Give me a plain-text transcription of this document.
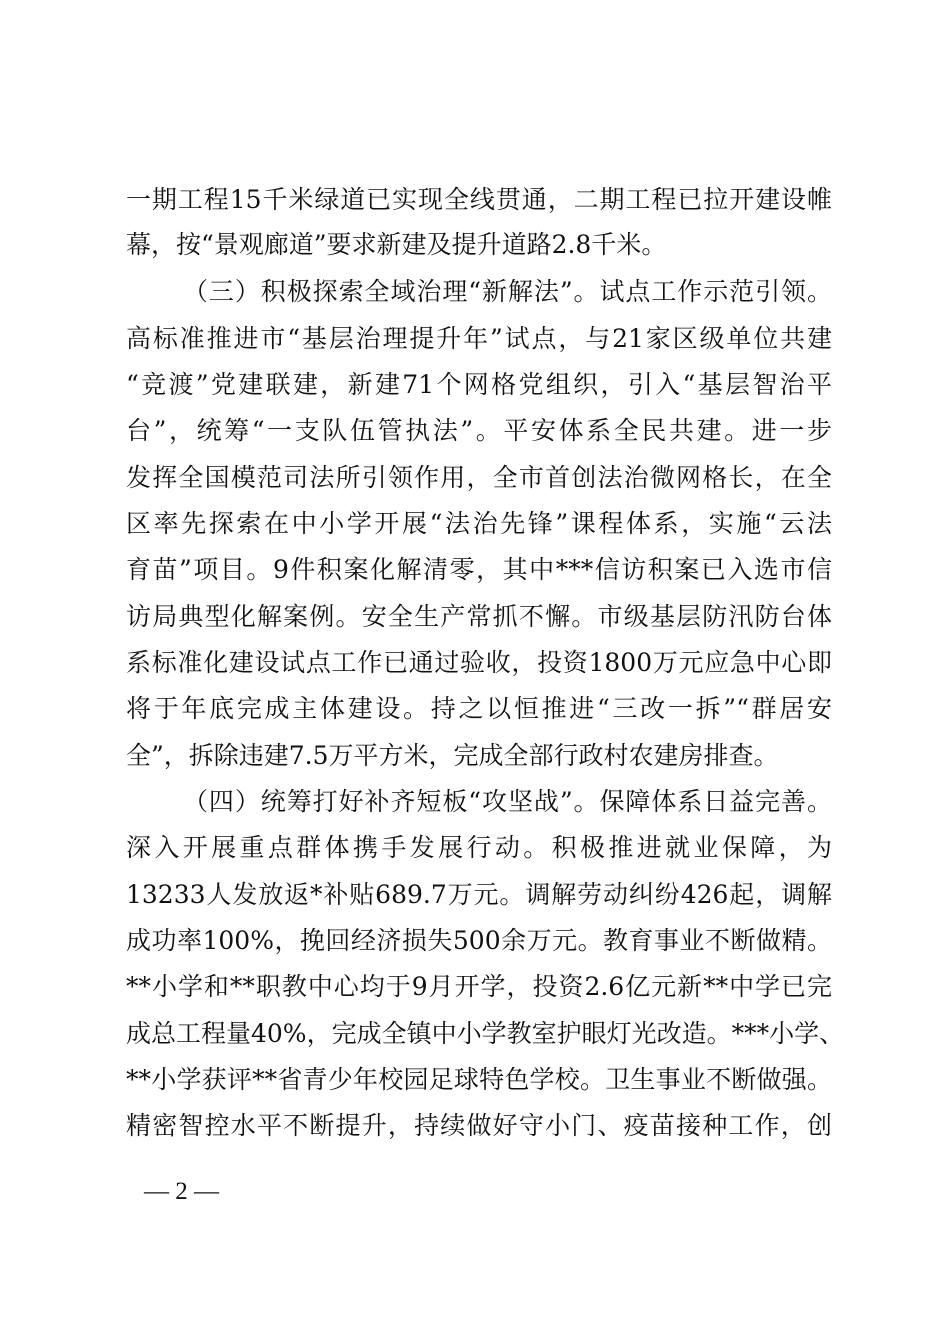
一期工程15千米绿道已实现全线贯通，二期工程已拉开建设帷
幕，按“景观廊道”要求新建及提升道路2.8千米。
（三）积极探索全域治理“新解法”。试点工作示范引领。
高标准推进市“基层治理提升年”试点，与21家区级单位共建
“竞渡”党建联建，新建71个网格党组织，引入“基层智治平
台”，统筹“一支队伍管执法”。平安体系全民共建。进一步
发挥全国模范司法所引领作用，全市首创法治微网格长，在全
区率先探索在中小学开展“法治先锋”课程体系，实施“云法
育苗”项目。9件积案化解清零，其中***信访积案已入选市信
访局典型化解案例。安全生产常抓不懈。市级基层防汛防台体
系标准化建设试点工作已通过验收，投资1800万元应急中心即
将于年底完成主体建设。持之以恒推进“三改一拆”“群居安
全”，拆除违建7.5万平方米，完成全部行政村农建房排查。
（四）统筹打好补齐短板“攻坚战”。保障体系日益完善。
深入开展重点群体携手发展行动。积极推进就业保障，为
13233人发放返*补贴689.7万元。调解劳动纠纷426起，调解
成功率100%，挽回经济损失500余万元。教育事业不断做精。
**小学和**职教中心均于9月开学，投资2.6亿元新**中学已完
成总工程量40%，完成全镇中小学教室护眼灯光改造。***小学、
**小学获评**省青少年校园足球特色学校。卫生事业不断做强。
精密智控水平不断提升，持续做好守小门、疫苗接种工作，创
— 2 —
